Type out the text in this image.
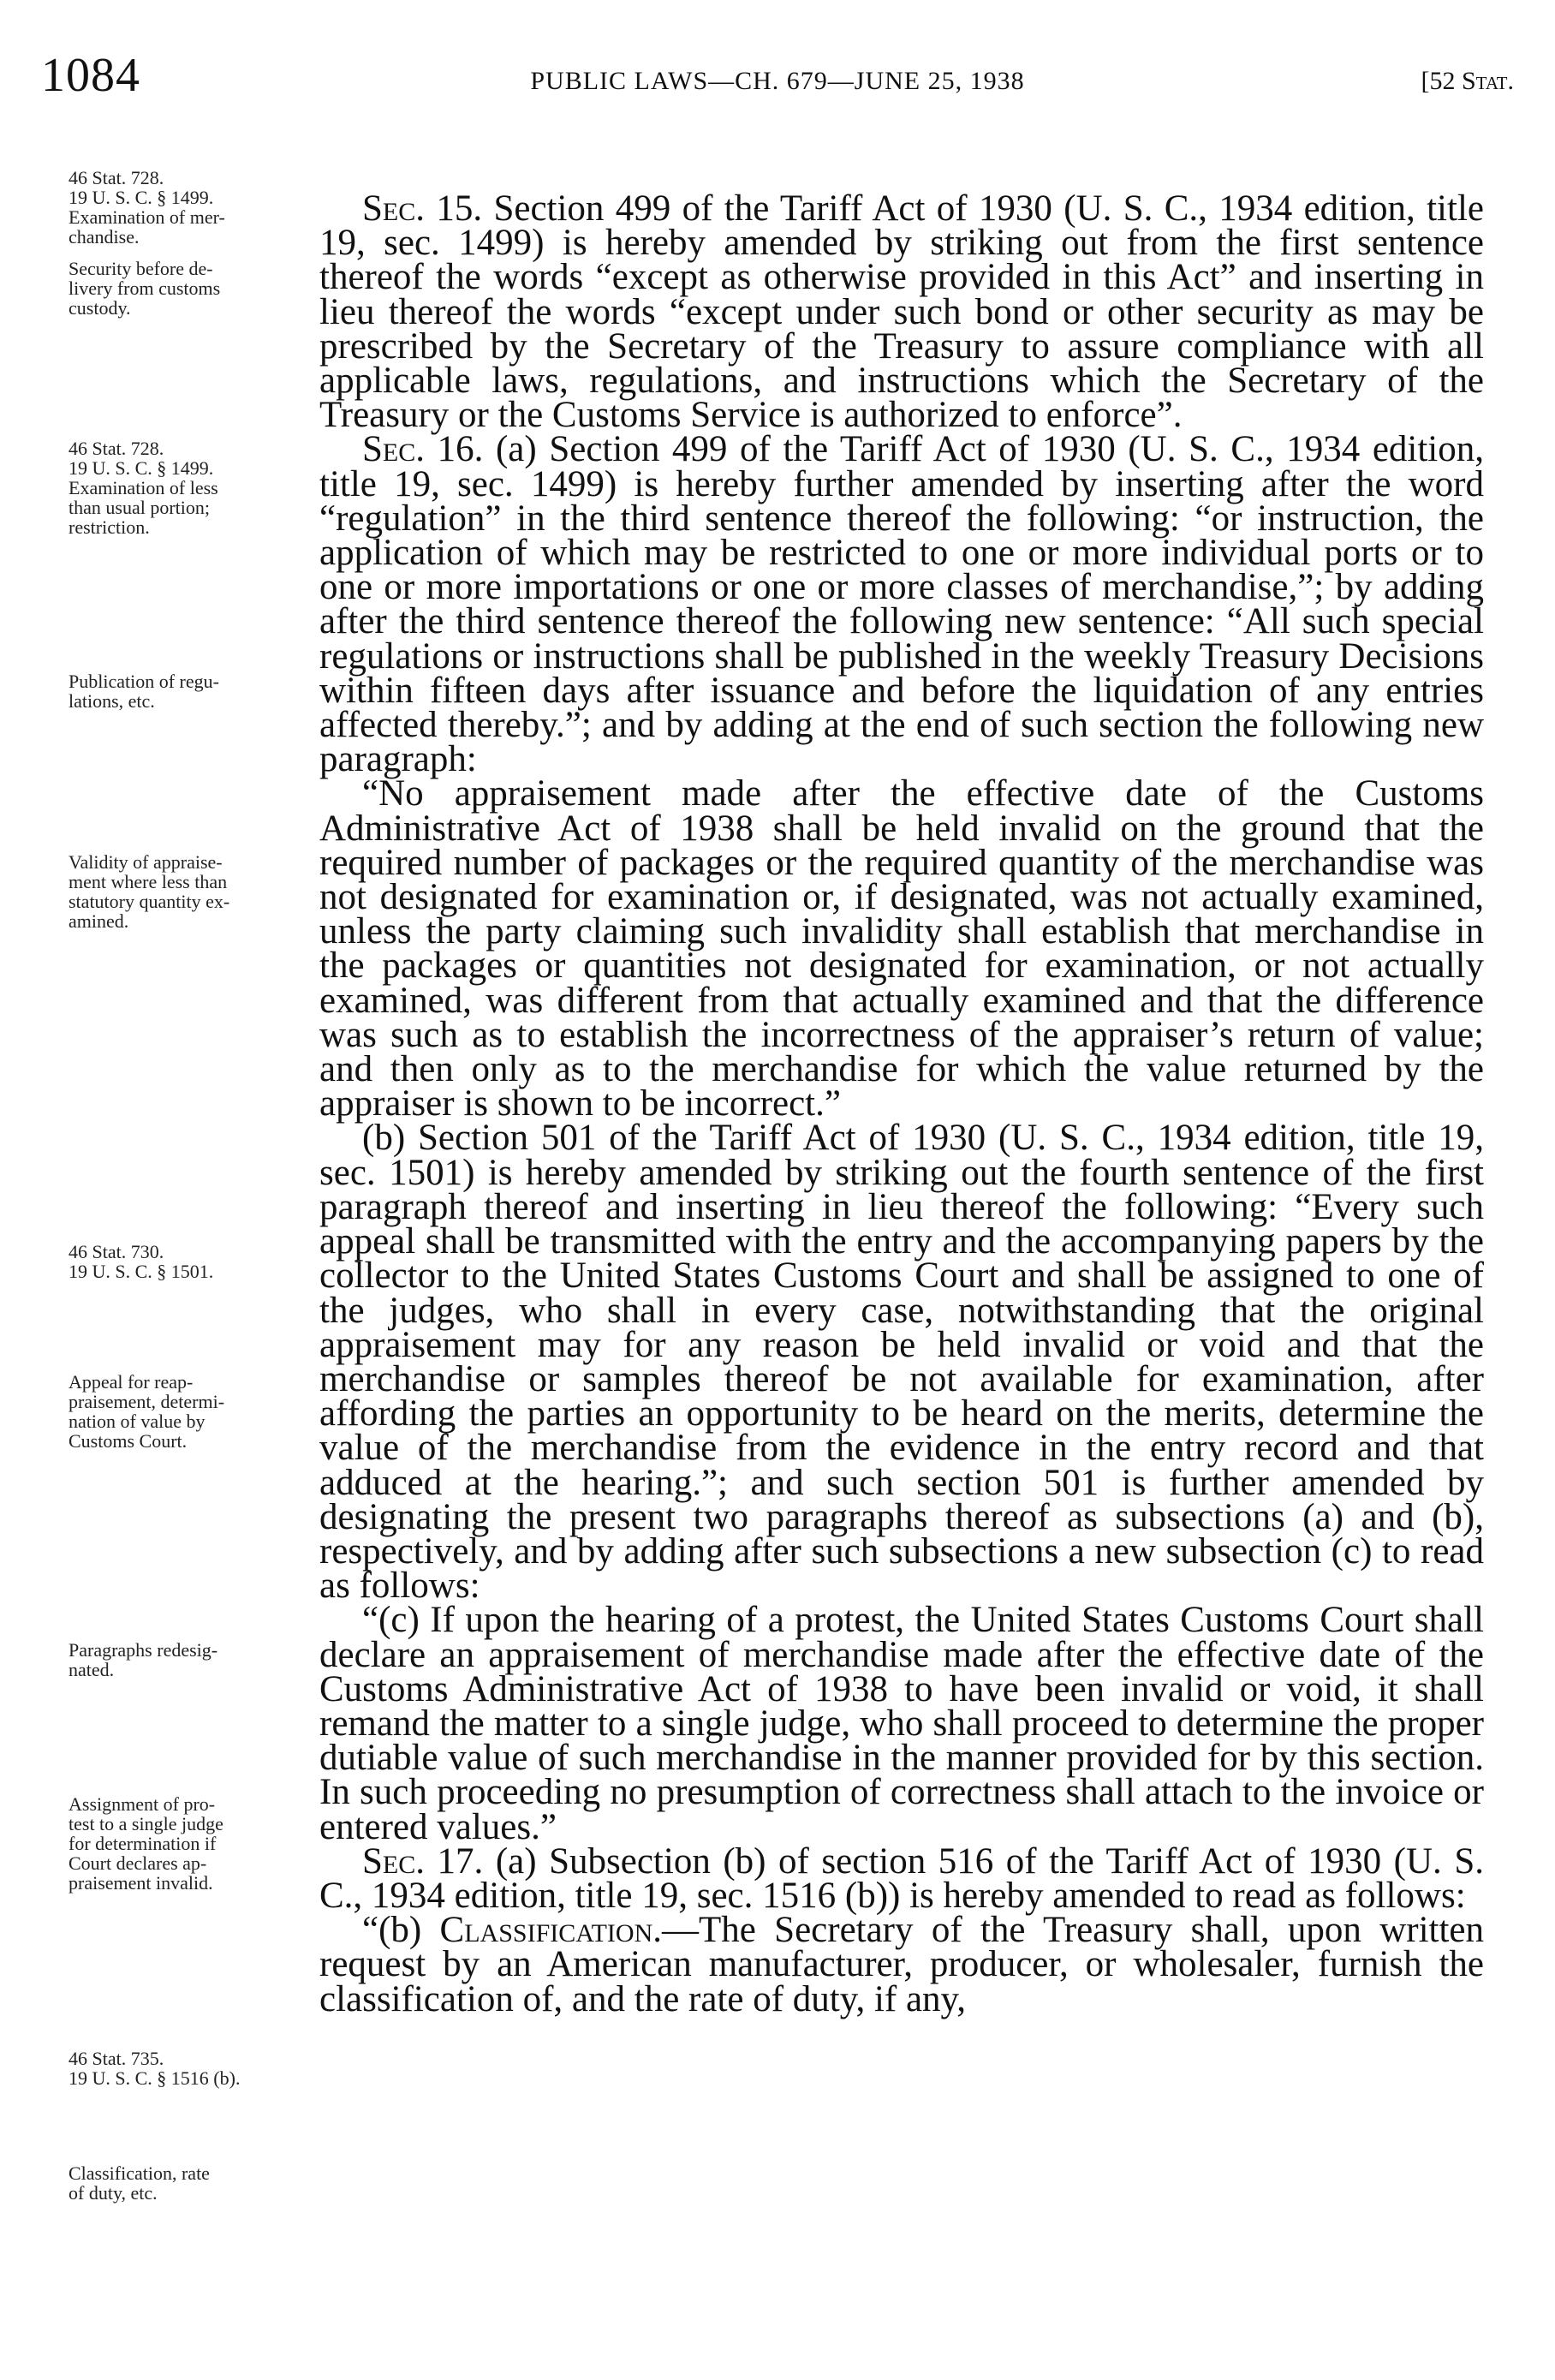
1084	PUBLIC LAWS—CH. 679—JUNE 25, 1938	[52 Stat.
46 Stat. 728.
19 U. S. C. § 1499.
Examination of mer-
chandise.
Security before de-
livery from customs
custody.
46 Stat. 728.
19 U. S. C. § 1499.
Examination of less
than usual portion;
restriction.
Publication of regu-
lations, etc.
Validity of appraise-
ment where less than
statutory quantity ex-
amined.
46 Stat. 730.
19 U. S. C. § 1501.
Appeal for reap-
praisement, determi-
nation of value by
Customs Court.
Paragraphs redesig-
nated.
Assignment of pro-
test to a single judge
for determination if
Court declares ap-
praisement invalid.
46 Stat. 735.
19 U. S. C. § 1516 (b).
Classification, rate
of duty, etc.

Sec. 15. Section 499 of the Tariff Act of 1930 (U. S. C., 1934 edition, title 19, sec. 1499) is hereby amended by striking out from the first sentence thereof the words “except as otherwise provided in this Act” and inserting in lieu thereof the words “except under such bond or other security as may be prescribed by the Secretary of the Treasury to assure compliance with all applicable laws, regulations, and instructions which the Secretary of the Treasury or the Customs Service is authorized to enforce”.

Sec. 16. (a) Section 499 of the Tariff Act of 1930 (U. S. C., 1934 edition, title 19, sec. 1499) is hereby further amended by inserting after the word “regulation” in the third sentence thereof the following: “or instruction, the application of which may be restricted to one or more individual ports or to one or more importations or one or more classes of merchandise,”; by adding after the third sentence thereof the following new sentence: “All such special regulations or instructions shall be published in the weekly Treasury Decisions within fifteen days after issuance and before the liquidation of any entries affected thereby.”; and by adding at the end of such section the following new paragraph:

“No appraisement made after the effective date of the Customs Administrative Act of 1938 shall be held invalid on the ground that the required number of packages or the required quantity of the merchandise was not designated for examination or, if designated, was not actually examined, unless the party claiming such invalidity shall establish that merchandise in the packages or quantities not designated for examination, or not actually examined, was different from that actually examined and that the difference was such as to establish the incorrectness of the appraiser’s return of value; and then only as to the merchandise for which the value returned by the appraiser is shown to be incorrect.”

(b) Section 501 of the Tariff Act of 1930 (U. S. C., 1934 edition, title 19, sec. 1501) is hereby amended by striking out the fourth sentence of the first paragraph thereof and inserting in lieu thereof the following: “Every such appeal shall be transmitted with the entry and the accompanying papers by the collector to the United States Customs Court and shall be assigned to one of the judges, who shall in every case, notwithstanding that the original appraisement may for any reason be held invalid or void and that the merchandise or samples thereof be not available for examination, after affording the parties an opportunity to be heard on the merits, determine the value of the merchandise from the evidence in the entry record and that adduced at the hearing.”; and such section 501 is further amended by designating the present two paragraphs thereof as subsections (a) and (b), respectively, and by adding after such subsections a new subsection (c) to read as follows:

“(c) If upon the hearing of a protest, the United States Customs Court shall declare an appraisement of merchandise made after the effective date of the Customs Administrative Act of 1938 to have been invalid or void, it shall remand the matter to a single judge, who shall proceed to determine the proper dutiable value of such merchandise in the manner provided for by this section. In such proceeding no presumption of correctness shall attach to the invoice or entered values.”

Sec. 17. (a) Subsection (b) of section 516 of the Tariff Act of 1930 (U. S. C., 1934 edition, title 19, sec. 1516 (b)) is hereby amended to read as follows:

“(b) Classification.—The Secretary of the Treasury shall, upon written request by an American manufacturer, producer, or wholesaler, furnish the classification of, and the rate of duty, if any,
